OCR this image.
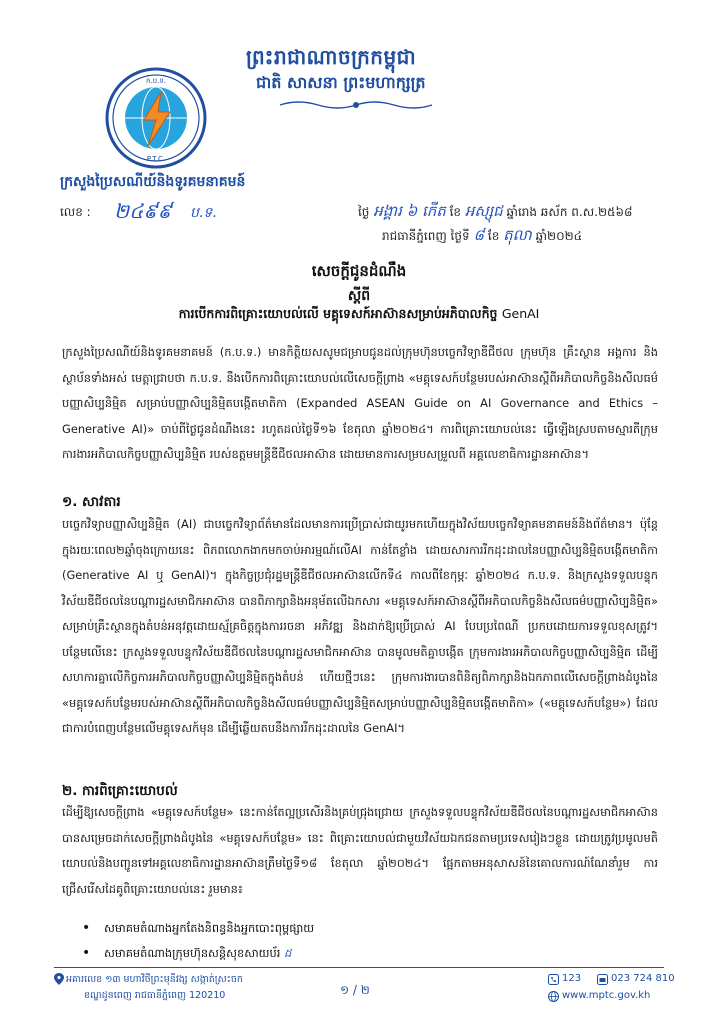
ព្រះរាជាណាចក្រកម្ពុជា
ជាតិ សាសនា ព្រះមហាក្សត្រ
ក.ប.ទ.
P.T.C.
ក្រសួងប្រៃសណីយ៍និងទូរគមនាគមន៍
លេខ : ២៤៩៩ ប.ទ.	ថ្ងៃ អង្គារ ៦ កើត ខែ អស្សុជ ឆ្នាំរោង ឆស័ក ព.ស.២៥៦៨
រាជធានីភ្នំពេញ ថ្ងៃទី ៨ ខែ តុលា ឆ្នាំ២០២៤
សេចក្តីជូនដំណឹង
ស្តីពី
ការបើកការពិគ្រោះយោបល់លើ មគ្គុទេសក៍អាស៊ានសម្រាប់អភិបាលកិច្ច GenAI
ក្រសួងប្រៃសណីយ៍និងទូរគមនាគមន៍ (ក.ប.ទ.) មានកិត្តិយសសូមជម្រាបជូនដល់ក្រុមហ៊ុនបច្ចេកវិទ្យាឌីជីថល ក្រុមហ៊ុន គ្រឹះស្ថាន អង្គការ និងស្ថាប័នទាំងអស់ មេត្តាជ្រាបថា ក.ប.ទ. នឹងបើកការពិគ្រោះយោបល់លើសេចក្តីព្រាង «មគ្គុទេសក៍បន្ថែមរបស់អាស៊ានស្តីពីអភិបាលកិច្ចនិងសីលធម៌បញ្ញាសិប្បនិម្មិត សម្រាប់បញ្ញាសិប្បនិម្មិតបង្កើតមាតិកា (Expanded ASEAN Guide on AI Governance and Ethics – Generative AI)» ចាប់ពីថ្ងៃជូនដំណឹងនេះ រហូតដល់ថ្ងៃទី១៦ ខែតុលា ឆ្នាំ២០២៤។ ការពិគ្រោះយោបល់នេះ ធ្វើឡើងស្របតាមស្មារតីក្រុមការងារអភិបាលកិច្ចបញ្ញាសិប្បនិម្មិត របស់ឧត្តមមន្ត្រីឌីជីថលអាស៊ាន ដោយមានការសម្របសម្រួលពី អគ្គលេខាធិការដ្ឋានអាស៊ាន។
១. សាវតារ
បច្ចេកវិទ្យាបញ្ញាសិប្បនិម្មិត (AI) ជាបច្ចេកវិទ្យាព័ត៌មានដែលមានការប្រើប្រាស់ជាយូរមកហើយក្នុងវិស័យបច្ចេកវិទ្យាគមនាគមន៍និងព័ត៌មាន។ ប៉ុន្តែក្នុងរយៈពេល២ឆ្នាំចុងក្រោយនេះ ពិភពលោកងាកមកចាប់អារម្មណ៍លើAI កាន់តែខ្លាំង ដោយសារការរីកដុះដាលនៃបញ្ញាសិប្បនិម្មិតបង្កើតមាតិកា (Generative AI ឬ GenAI)។ ក្នុងកិច្ចប្រជុំរដ្ឋមន្ត្រីឌីជីថលអាស៊ានលើកទី៤ កាលពីខែកុម្ភៈ ឆ្នាំ២០២៤ ក.ប.ទ. និងក្រសួងទទួលបន្ទុកវិស័យឌីជីថលនៃបណ្តារដ្ឋសមាជិកអាស៊ាន បានពិភាក្សានិងអនុម័តលើឯកសារ «មគ្គុទេសក៍អាស៊ានស្តីពីអភិបាលកិច្ចនិងសីលធម៌បញ្ញាសិប្បនិម្មិត» សម្រាប់គ្រឹះស្ថានក្នុងតំបន់អនុវត្តដោយស្ម័គ្រចិត្តក្នុងការរចនា អភិវឌ្ឍ និងដាក់ឱ្យប្រើប្រាស់ AI បែបប្រពៃណី ប្រកបដោយការទទួលខុសត្រូវ។ បន្ថែមលើនេះ ក្រសួងទទួលបន្ទុកវិស័យឌីជីថលនៃបណ្តារដ្ឋសមាជិកអាស៊ាន បានមូលមតិគ្នាបង្កើត ក្រុមការងារអភិបាលកិច្ចបញ្ញាសិប្បនិម្មិត ដើម្បីសហការគ្នាលើកិច្ចការអភិបាលកិច្ចបញ្ញាសិប្បនិម្មិតក្នុងតំបន់ ហើយថ្មីៗនេះ ក្រុមការងារបានពិនិត្យពិភាក្សានិងឯកភាពលើសេចក្តីព្រាងដំបូងនៃ «មគ្គុទេសក៍បន្ថែមរបស់អាស៊ានស្តីពីអភិបាលកិច្ចនិងសីលធម៌បញ្ញាសិប្បនិម្មិតសម្រាប់បញ្ញាសិប្បនិម្មិតបង្កើតមាតិកា» («មគ្គុទេសក៍បន្ថែម») ដែលជាការបំពេញបន្ថែមលើមគ្គុទេសក៍មុន ដើម្បីឆ្លើយតបនឹងការរីកដុះដាលនៃ GenAI។
២. ការពិគ្រោះយោបល់
ដើម្បីឱ្យសេចក្តីព្រាង «មគ្គុទេសក៍បន្ថែម» នេះកាន់តែល្អប្រសើរនិងគ្រប់ជ្រុងជ្រោយ ក្រសួងទទួលបន្ទុកវិស័យឌីជីថលនៃបណ្តារដ្ឋសមាជិកអាស៊ានបានសម្រេចដាក់សេចក្តីព្រាងដំបូងនៃ «មគ្គុទេសក៍បន្ថែម» នេះ ពិគ្រោះយោបល់ជាមួយវិស័យឯកជនតាមប្រទេសរៀងៗខ្លួន ដោយត្រូវប្រមូលមតិយោបល់និងបញ្ជូនទៅអគ្គលេខាធិការដ្ឋានអាស៊ានត្រឹមថ្ងៃទី១៨ ខែតុលា ឆ្នាំ២០២៤។ ផ្អែកតាមអនុសាសន៍នៃគោលការណ៍ណែនាំរួម ការជ្រើសរើសដៃគូពិគ្រោះយោបល់នេះ រួមមាន៖
• សមាគមតំណាងអ្នកតែងនិពន្ធនិងអ្នកបោះពុម្ពផ្សាយ
• សមាគមតំណាងក្រុមហ៊ុនសន្តិសុខសាយប័រ ដ
អគារលេខ ១៣ មហាវិថីព្រះមុនីវង្ស សង្កាត់ស្រះចក
ខណ្ឌដូនពេញ រាជធានីភ្នំពេញ 120210	១ / ២
123	023 724 810
www.mptc.gov.kh
